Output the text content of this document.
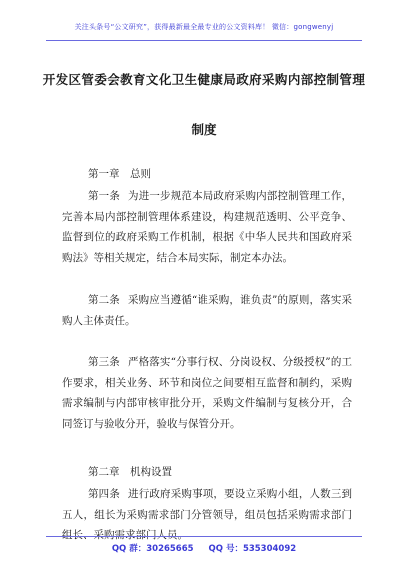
关注头条号“公文研究”，获得最新最全最专业的公文资料库！ 微信：gongwenyj
开发区管委会教育文化卫生健康局政府采购内部控制管理
制度

第一章　总则

第一条 为进一步规范本局政府采购内部控制管理工作，完善本局内部控制管理体系建设，构建规范透明、公平竞争、监督到位的政府采购工作机制，根据《中华人民共和国政府采购法》等相关规定，结合本局实际，制定本办法。

第二条 采购应当遵循“谁采购，谁负责”的原则，落实采购人主体责任。

第三条 严格落实“分事行权、分岗设权、分级授权”的工作要求，相关业务、环节和岗位之间要相互监督和制约，采购需求编制与内部审核审批分开，采购文件编制与复核分开，合同签订与验收分开，验收与保管分开。

第二章　机构设置

第四条 进行政府采购事项，要设立采购小组，人数三到五人，组长为采购需求部门分管领导，组员包括采购需求部门

QQ 群：30265665 QQ 号：535304092
